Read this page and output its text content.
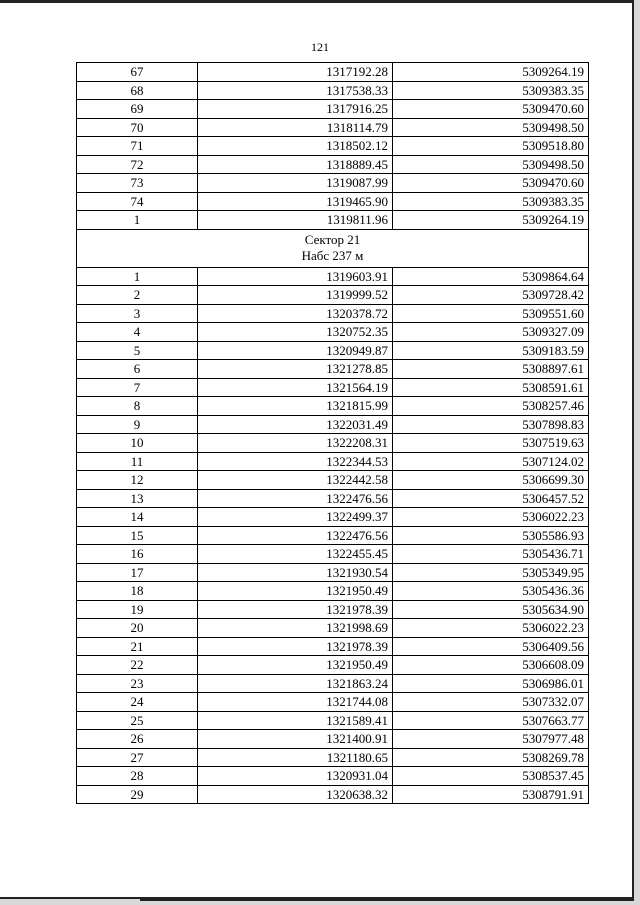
121
67	1317192.28	5309264.19
68	1317538.33	5309383.35
69	1317916.25	5309470.60
70	1318114.79	5309498.50
71	1318502.12	5309518.80
72	1318889.45	5309498.50
73	1319087.99	5309470.60
74	1319465.90	5309383.35
1	1319811.96	5309264.19

Сектор 21
Набс 237 м		

1	1319603.91	5309864.64
2	1319999.52	5309728.42
3	1320378.72	5309551.60
4	1320752.35	5309327.09
5	1320949.87	5309183.59
6	1321278.85	5308897.61
7	1321564.19	5308591.61
8	1321815.99	5308257.46
9	1322031.49	5307898.83
10	1322208.31	5307519.63
11	1322344.53	5307124.02
12	1322442.58	5306699.30
13	1322476.56	5306457.52
14	1322499.37	5306022.23
15	1322476.56	5305586.93
16	1322455.45	5305436.71
17	1321930.54	5305349.95
18	1321950.49	5305436.36
19	1321978.39	5305634.90
20	1321998.69	5306022.23
21	1321978.39	5306409.56
22	1321950.49	5306608.09
23	1321863.24	5306986.01
24	1321744.08	5307332.07
25	1321589.41	5307663.77
26	1321400.91	5307977.48
27	1321180.65	5308269.78
28	1320931.04	5308537.45
29	1320638.32	5308791.91
